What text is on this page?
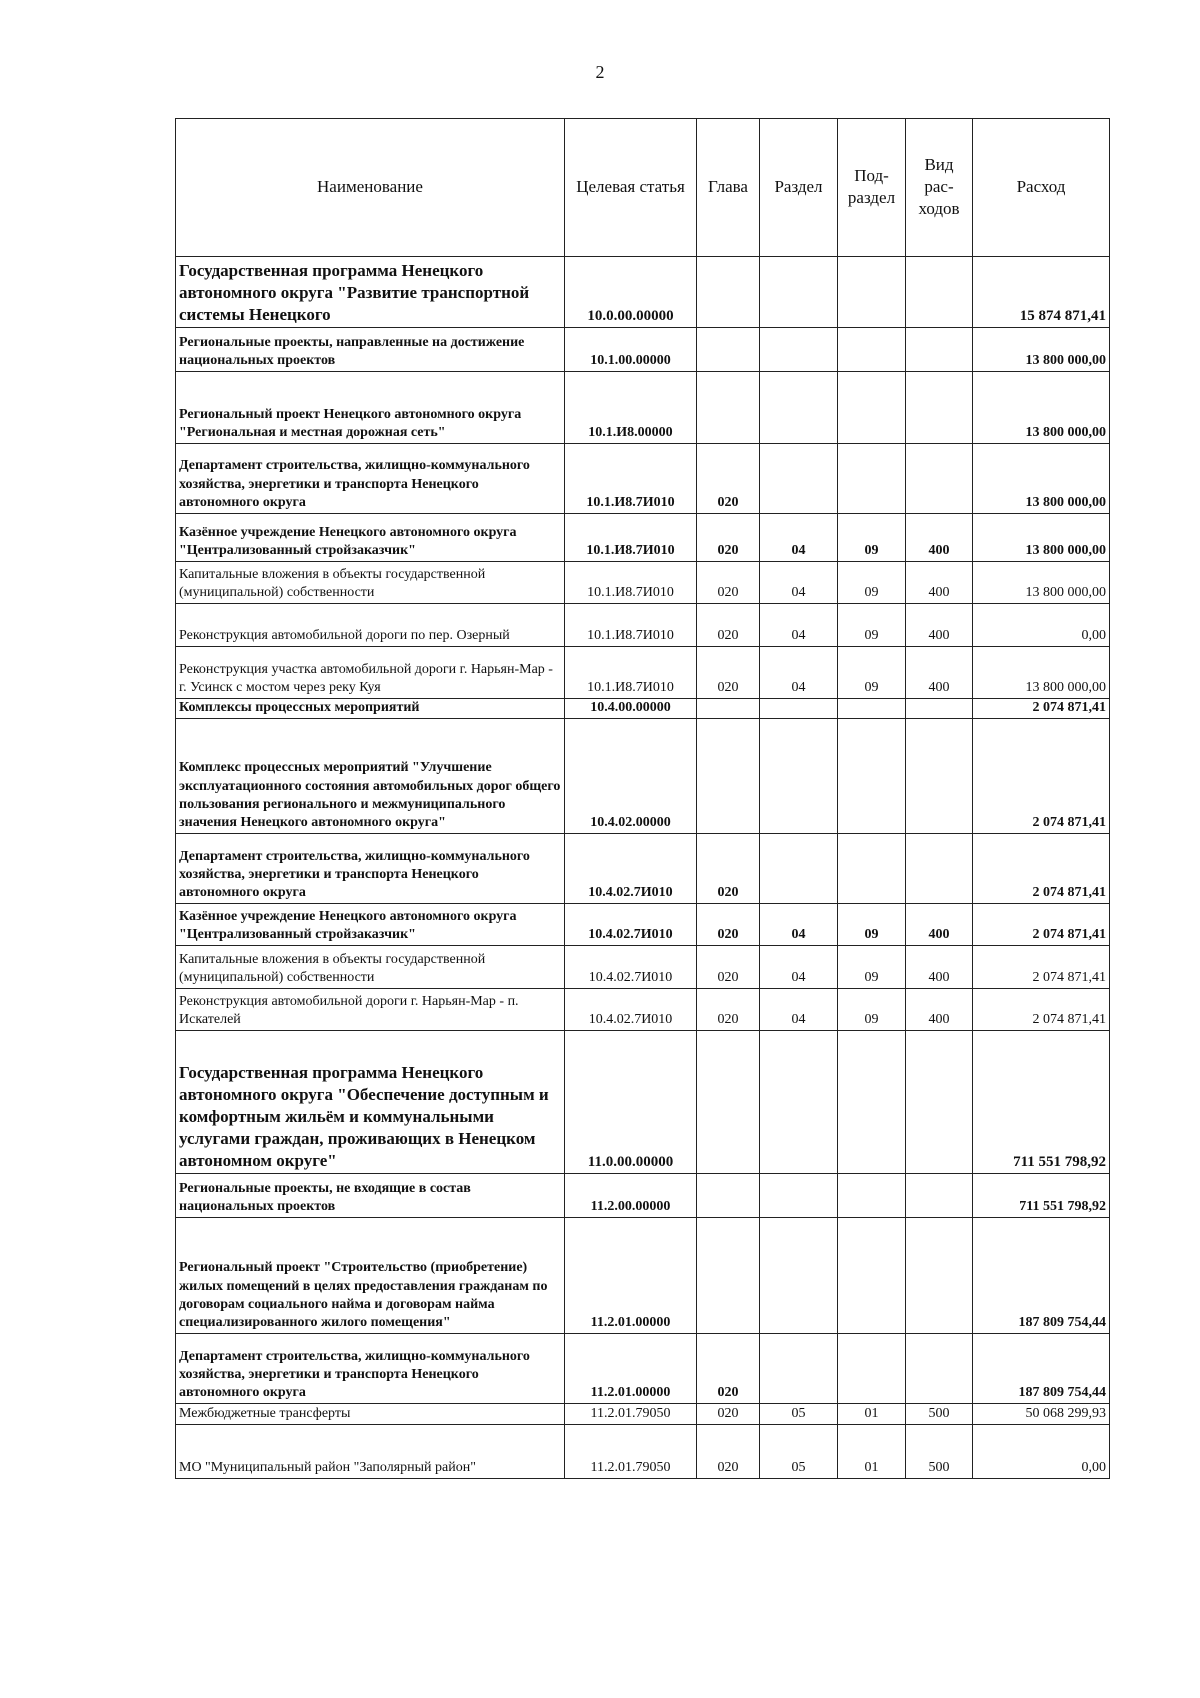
2
Наименование	Целевая статья	Глава	Раздел	Под-раздел	Вид рас-ходов	Расход
Государственная программа Ненецкого автономного округа "Развитие транспортной системы Ненецкого	10.0.00.00000					15 874 871,41
Региональные проекты, направленные на достижение национальных проектов	10.1.00.00000					13 800 000,00
Региональный проект Ненецкого автономного округа "Региональная и местная дорожная сеть"	10.1.И8.00000					13 800 000,00
Департамент строительства, жилищно-коммунального хозяйства, энергетики и транспорта Ненецкого автономного округа	10.1.И8.7И010	020				13 800 000,00
Казённое учреждение Ненецкого автономного округа "Централизованный стройзаказчик"	10.1.И8.7И010	020	04	09	400	13 800 000,00
Капитальные вложения в объекты государственной (муниципальной) собственности	10.1.И8.7И010	020	04	09	400	13 800 000,00
Реконструкция автомобильной дороги по пер. Озерный	10.1.И8.7И010	020	04	09	400	0,00
Реконструкция участка автомобильной дороги г. Нарьян-Мар - г. Усинск с мостом через реку Куя	10.1.И8.7И010	020	04	09	400	13 800 000,00
Комплексы процессных мероприятий	10.4.00.00000					2 074 871,41
Комплекс процессных мероприятий "Улучшение эксплуатационного состояния автомобильных дорог общего пользования регионального и межмуниципального значения Ненецкого автономного округа"	10.4.02.00000					2 074 871,41
Департамент строительства, жилищно-коммунального хозяйства, энергетики и транспорта Ненецкого автономного округа	10.4.02.7И010	020				2 074 871,41
Казённое учреждение Ненецкого автономного округа "Централизованный стройзаказчик"	10.4.02.7И010	020	04	09	400	2 074 871,41
Капитальные вложения в объекты государственной (муниципальной) собственности	10.4.02.7И010	020	04	09	400	2 074 871,41
Реконструкция автомобильной дороги г. Нарьян-Мар - п. Искателей	10.4.02.7И010	020	04	09	400	2 074 871,41
Государственная программа Ненецкого автономного округа "Обеспечение доступным и комфортным жильём и коммунальными услугами граждан, проживающих в Ненецком автономном округе"	11.0.00.00000					711 551 798,92
Региональные проекты, не входящие в состав национальных проектов	11.2.00.00000					711 551 798,92
Региональный проект "Строительство (приобретение) жилых помещений в целях предоставления гражданам по договорам социального найма и договорам найма специализированного жилого помещения"	11.2.01.00000					187 809 754,44
Департамент строительства, жилищно-коммунального хозяйства, энергетики и транспорта Ненецкого автономного округа	11.2.01.00000	020				187 809 754,44
Межбюджетные трансферты	11.2.01.79050	020	05	01	500	50 068 299,93
МО "Муниципальный район "Заполярный район"	11.2.01.79050	020	05	01	500	0,00
